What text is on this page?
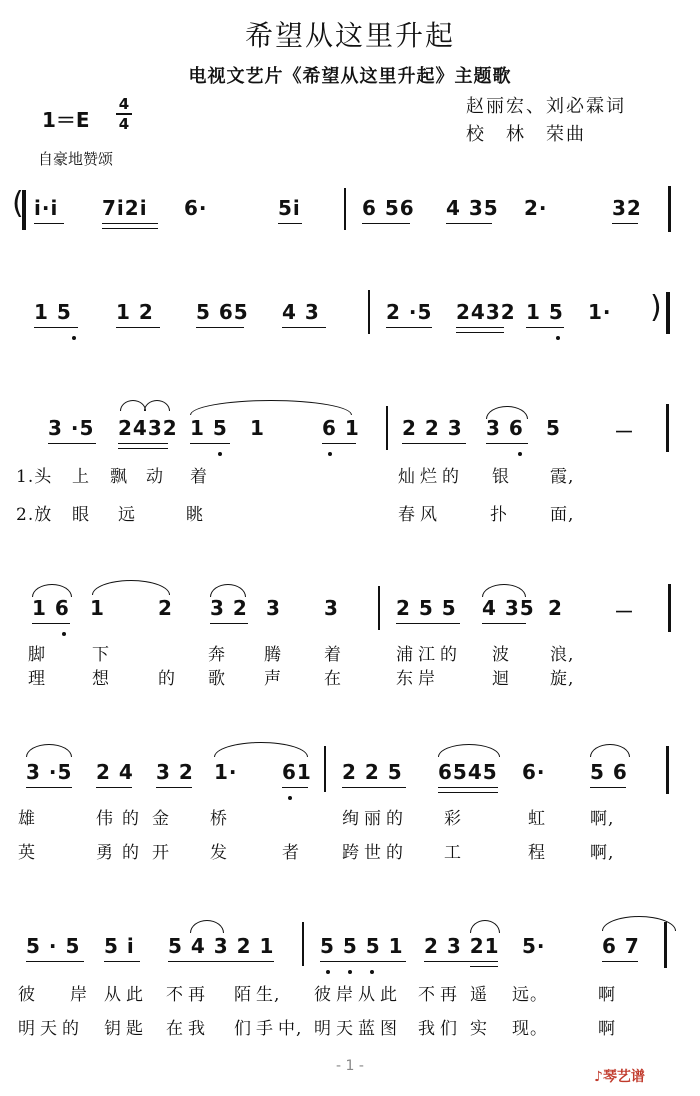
希望从这里升起
电视文艺片《希望从这里升起》主题歌
1＝E
4
4
赵丽宏、刘必霖词
校　林　荣曲
自豪地赞颂
( i·i 7i2i 6·	5i	6 56 4 35 2·	32
1 5 1 2 5 65 4 3	2 ·5 2432 1 5 1· )
3 ·5 2432 1 5 1	6 1 2 2 3 3 6 5	－
1.头 上 飘 动 着	灿 烂 的 银 霞,
2.放 眼 远	眺	春 风	扑 面,
1 6 1	2 3 2 3 3	2 5 5 4 35 2	－
脚	下	奔 腾 着	浦 江 的 波 浪,
理	想	的 歌 声 在	东 岸	迴 旋,
3 ·5 2 4 3 2 1· 61 2 2 5 6545 6· 5 6
雄	伟 的 金 桥	绚 丽 的 彩	虹	啊,
英	勇 的 开 发	者 跨 世 的 工	程	啊,
5 · 5 5 i 5 4 3 2 1 5 5 5 1 2 3 21 5·	6 7
彼 岸 从 此 不 再 陌 生, 彼 岸 从 此 不 再 遥 远。	啊
明 天 的 钥 匙 在 我 们 手 中, 明 天 蓝 图 我 们 实 现。	啊
- 1 -
♪琴艺谱
